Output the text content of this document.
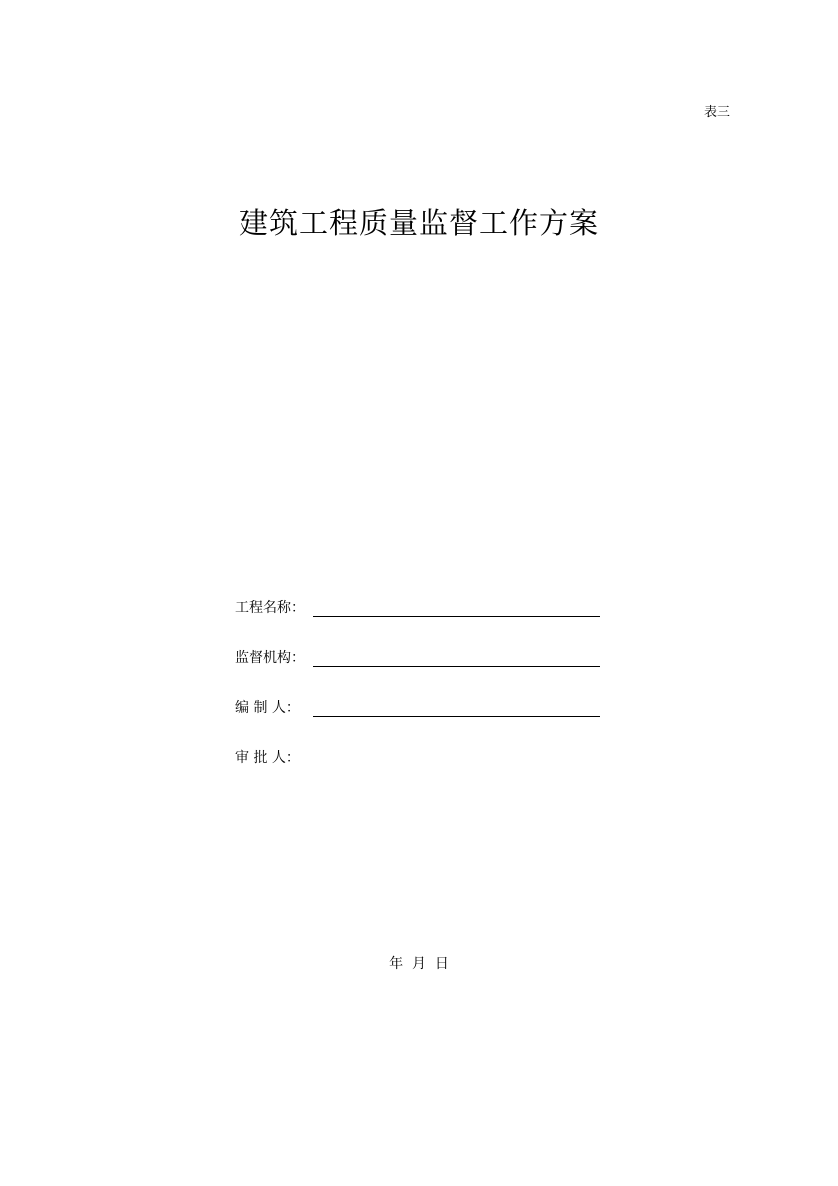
表三
建筑工程质量监督工作方案
工程名称：
监督机构：
编 制 人：
审 批 人：
年  月  日
